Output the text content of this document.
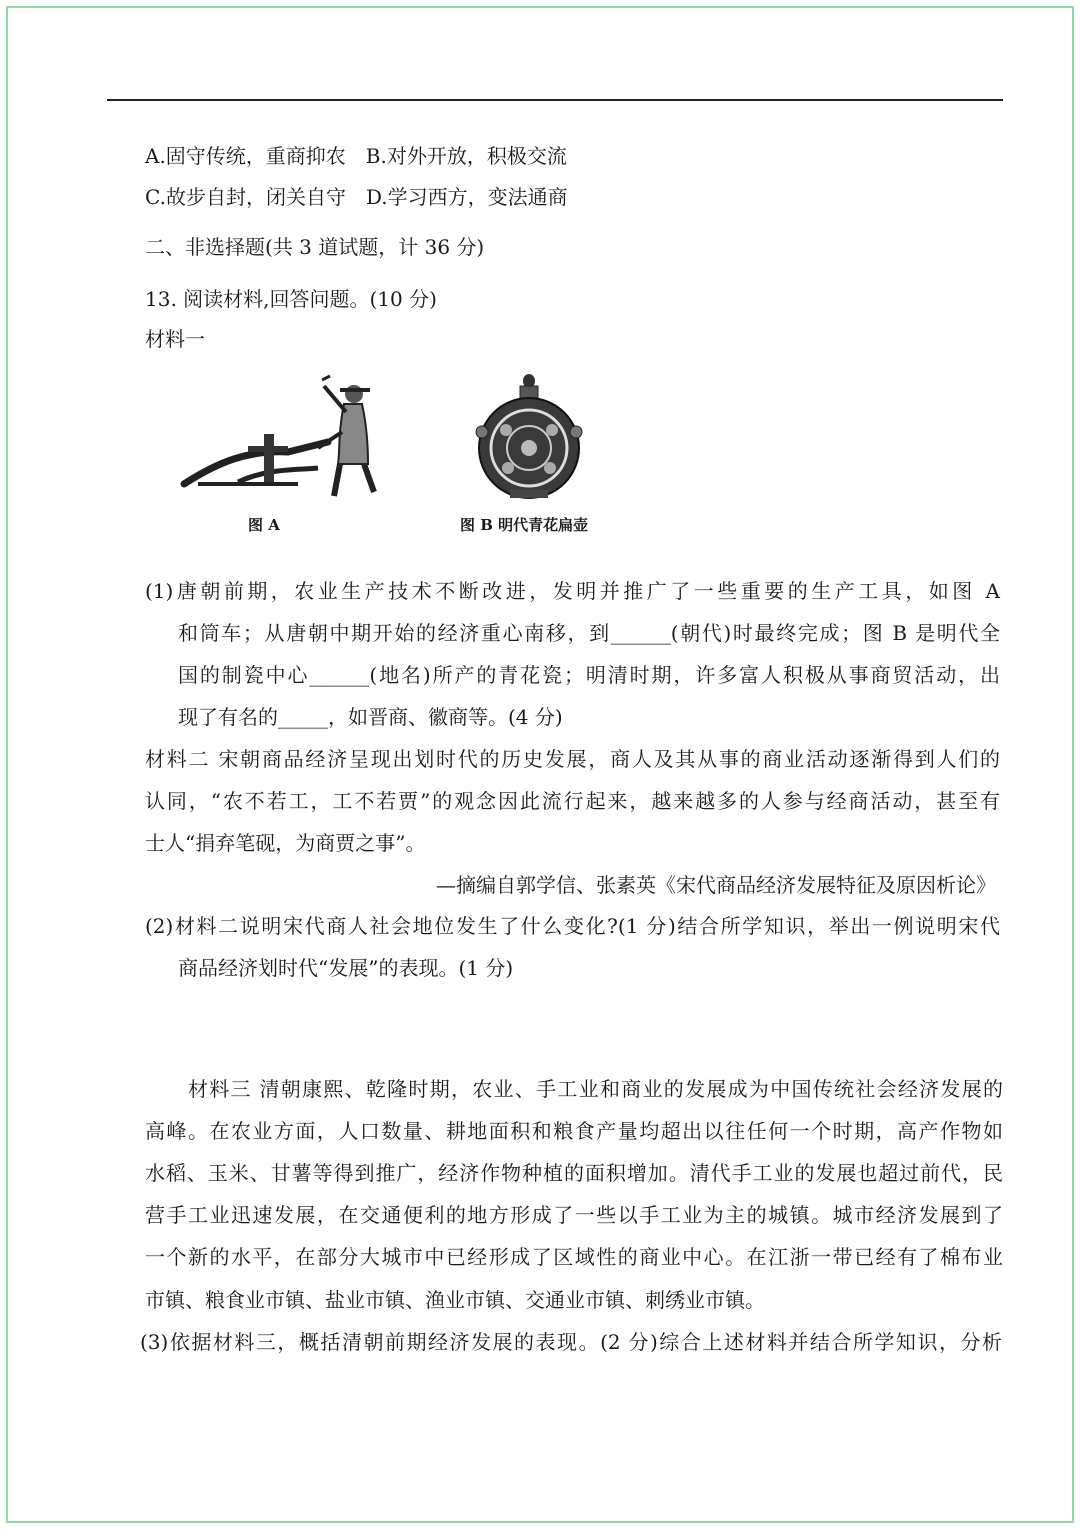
A.固守传统，重商抑农　B.对外开放，积极交流
C.故步自封，闭关自守　D.学习西方，变法通商
二、非选择题(共 3 道试题，计 36 分)
13. 阅读材料,回答问题。(10 分)
材料一
图 A	图 B 明代青花扁壶
(1)唐朝前期，农业生产技术不断改进，发明并推广了一些重要的生产工具，如图 A
和筒车；从唐朝中期开始的经济重心南移，到______(朝代)时最终完成；图 B 是明代全
国的制瓷中心______(地名)所产的青花瓷；明清时期，许多富人积极从事商贸活动，出
现了有名的_____，如晋商、徽商等。(4 分)
材料二 宋朝商品经济呈现出划时代的历史发展，商人及其从事的商业活动逐渐得到人们的
认同，“农不若工，工不若贾”的观念因此流行起来，越来越多的人参与经商活动，甚至有
士人“捐弃笔砚，为商贾之事”。
—摘编自郭学信、张素英《宋代商品经济发展特征及原因析论》
(2)材料二说明宋代商人社会地位发生了什么变化?(1 分)结合所学知识，举出一例说明宋代
商品经济划时代“发展”的表现。(1 分)
材料三 清朝康熙、乾隆时期，农业、手工业和商业的发展成为中国传统社会经济发展的
高峰。在农业方面，人口数量、耕地面积和粮食产量均超出以往任何一个时期，高产作物如
水稻、玉米、甘薯等得到推广，经济作物种植的面积增加。清代手工业的发展也超过前代，民
营手工业迅速发展，在交通便利的地方形成了一些以手工业为主的城镇。城市经济发展到了
一个新的水平，在部分大城市中已经形成了区域性的商业中心。在江浙一带已经有了棉布业
市镇、粮食业市镇、盐业市镇、渔业市镇、交通业市镇、刺绣业市镇。
(3)依据材料三，概括清朝前期经济发展的表现。(2 分)综合上述材料并结合所学知识，分析
